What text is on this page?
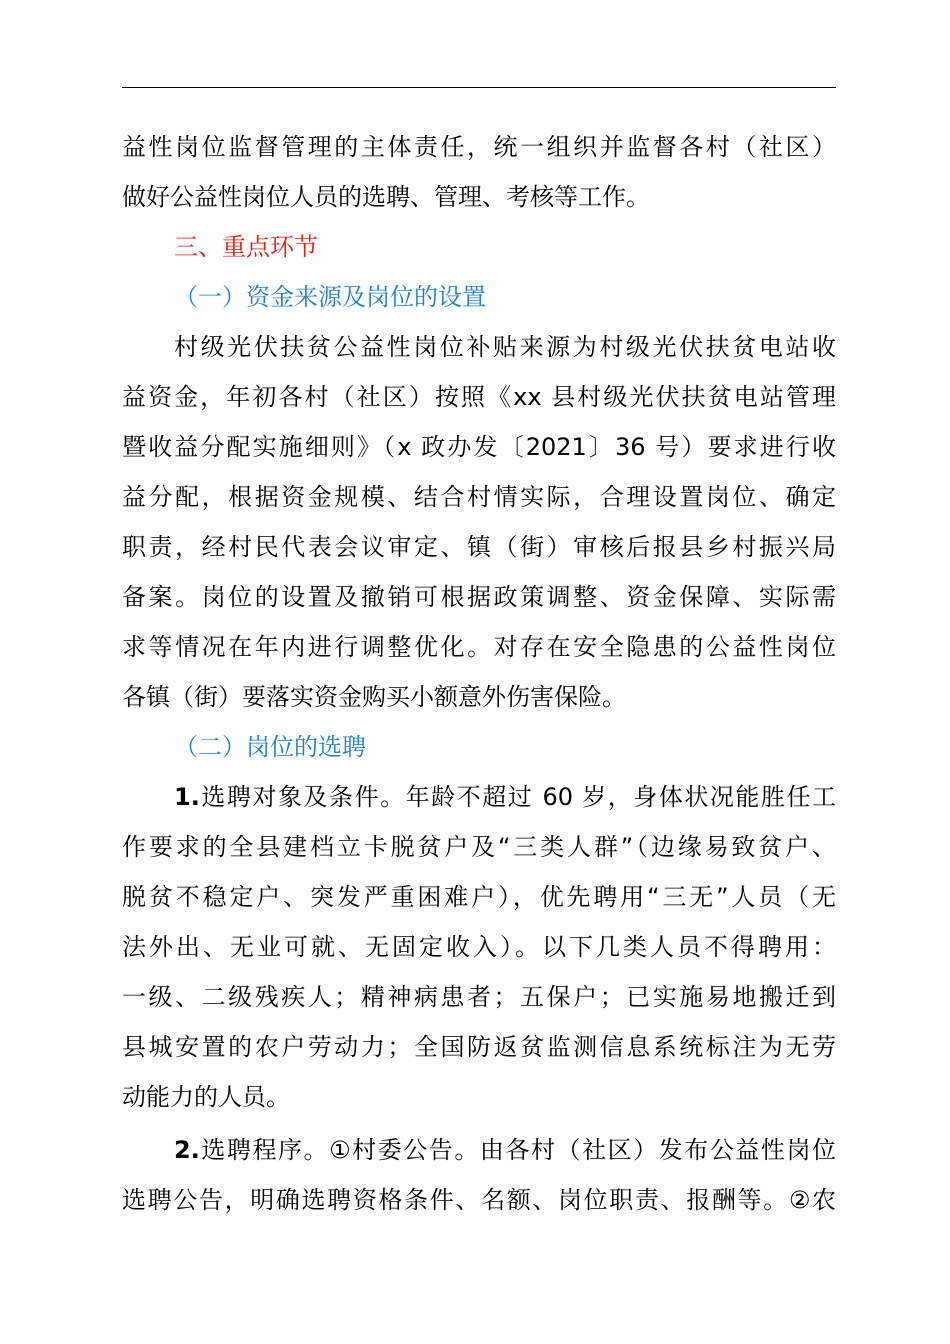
益性岗位监督管理的主体责任，统一组织并监督各村（社区）
做好公益性岗位人员的选聘、管理、考核等工作。
三、重点环节
（一）资金来源及岗位的设置
村级光伏扶贫公益性岗位补贴来源为村级光伏扶贫电站收
益资金，年初各村（社区）按照《xx 县村级光伏扶贫电站管理
暨收益分配实施细则》（x 政办发〔2021〕36 号）要求进行收
益分配，根据资金规模、结合村情实际，合理设置岗位、确定
职责，经村民代表会议审定、镇（街）审核后报县乡村振兴局
备案。岗位的设置及撤销可根据政策调整、资金保障、实际需
求等情况在年内进行调整优化。对存在安全隐患的公益性岗位
各镇（街）要落实资金购买小额意外伤害保险。
（二）岗位的选聘
1.选聘对象及条件。年龄不超过 60 岁，身体状况能胜任工
作要求的全县建档立卡脱贫户及“三类人群”（边缘易致贫户、
脱贫不稳定户、突发严重困难户），优先聘用“三无”人员（无
法外出、无业可就、无固定收入）。以下几类人员不得聘用：
一级、二级残疾人；精神病患者；五保户；已实施易地搬迁到
县城安置的农户劳动力；全国防返贫监测信息系统标注为无劳
动能力的人员。
2.选聘程序。①村委公告。由各村（社区）发布公益性岗位
选聘公告，明确选聘资格条件、名额、岗位职责、报酬等。②农
